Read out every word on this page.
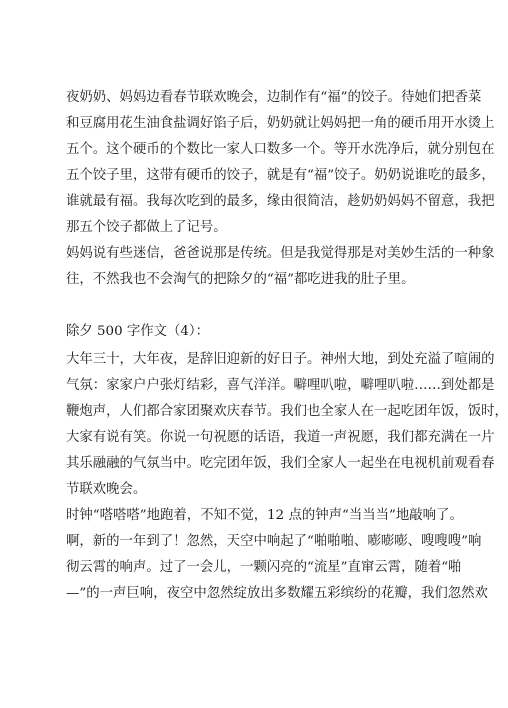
夜奶奶、妈妈边看春节联欢晚会，边制作有“福”的饺子。待她们把香菜
和豆腐用花生油食盐调好馅子后，奶奶就让妈妈把一角的硬币用开水烫上
五个。这个硬币的个数比一家人口数多一个。等开水洗净后，就分别包在
五个饺子里，这带有硬币的饺子，就是有“福”饺子。奶奶说谁吃的最多，
谁就最有福。我每次吃到的最多，缘由很简洁，趁奶奶妈妈不留意，我把
那五个饺子都做上了记号。
妈妈说有些迷信，爸爸说那是传统。但是我觉得那是对美妙生活的一种象
往，不然我也不会淘气的把除夕的“福”都吃进我的肚子里。
除夕 500 字作文（4）：
大年三十，大年夜，是辞旧迎新的好日子。神州大地，到处充溢了喧闹的
气氛：家家户户张灯结彩，喜气洋洋。噼哩叭啦，噼哩叭啦……到处都是
鞭炮声，人们都合家团聚欢庆春节。我们也全家人在一起吃团年饭，饭时，
大家有说有笑。你说一句祝愿的话语，我道一声祝愿，我们都充满在一片
其乐融融的气氛当中。吃完团年饭，我们全家人一起坐在电视机前观看春
节联欢晚会。
时钟“嗒嗒嗒”地跑着，不知不觉，12 点的钟声“当当当”地敲响了。
啊，新的一年到了！忽然，天空中响起了“啪啪啪、嘭嘭嘭、嗖嗖嗖”响
彻云霄的响声。过了一会儿，一颗闪亮的“流星”直窜云霄，随着“啪
—”的一声巨响，夜空中忽然绽放出多数耀五彩缤纷的花瓣，我们忽然欢
